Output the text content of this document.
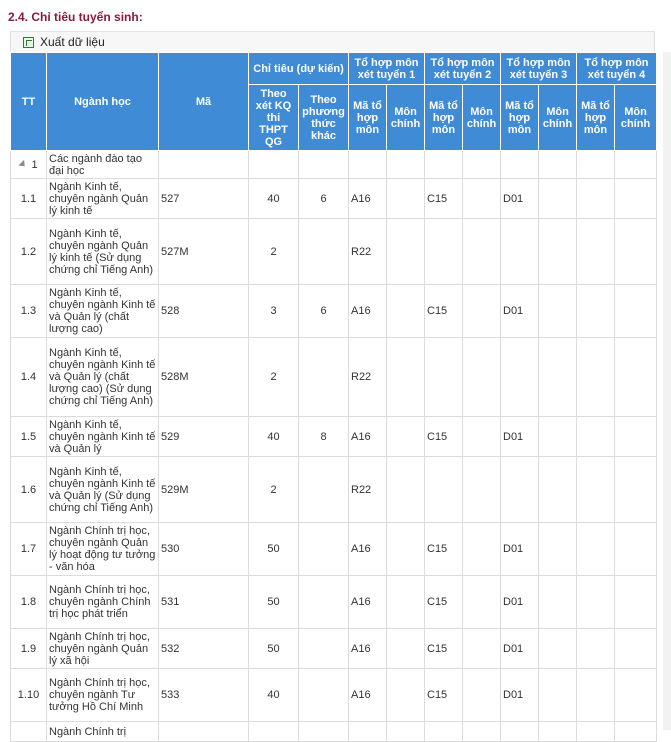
2.4. Chỉ tiêu tuyển sinh:
Xuất dữ liệu
TT	Ngành học	Mã	Chỉ tiêu (dự kiến)		Tổ hợp môn xét tuyển 1		Tổ hợp môn xét tuyển 2		Tổ hợp môn xét tuyển 3		Tổ hợp môn xét tuyển 4	
			Theo xét KQ thi THPT QG	Theo phương thức khác	Mã tổ hợp môn	Môn chính	Mã tổ hợp môn	Môn chính	Mã tổ hợp môn	Môn chính	Mã tổ hợp môn	Môn chính

1	Các ngành đào tạo đại học											
1.1	Ngành Kinh tế, chuyên ngành Quản lý kinh tế	527	40	6	A16		C15		D01			
1.2	Ngành Kinh tế, chuyên ngành Quản lý kinh tế (Sử dụng chứng chỉ Tiếng Anh)	527M	2		R22							
1.3	Ngành Kinh tế, chuyên ngành Kinh tế và Quản lý (chất lượng cao)	528	3	6	A16		C15		D01			
1.4	Ngành Kinh tế, chuyên ngành Kinh tế và Quản lý (chất lượng cao) (Sử dụng chứng chỉ Tiếng Anh)	528M	2		R22							
1.5	Ngành Kinh tế, chuyên ngành Kinh tế và Quản lý	529	40	8	A16		C15		D01			
1.6	Ngành Kinh tế, chuyên ngành Kinh tế và Quản lý (Sử dụng chứng chỉ Tiếng Anh)	529M	2		R22							
1.7	Ngành Chính trị học, chuyên ngành Quản lý hoạt động tư tưởng - văn hóa	530	50		A16		C15		D01			
1.8	Ngành Chính trị học, chuyên ngành Chính trị học phát triển	531	50		A16		C15		D01			
1.9	Ngành Chính trị học, chuyên ngành Quản lý xã hội	532	50		A16		C15		D01			
1.10	Ngành Chính trị học, chuyên ngành Tư tưởng Hồ Chí Minh	533	40		A16		C15		D01			
	Ngành Chính trị											
